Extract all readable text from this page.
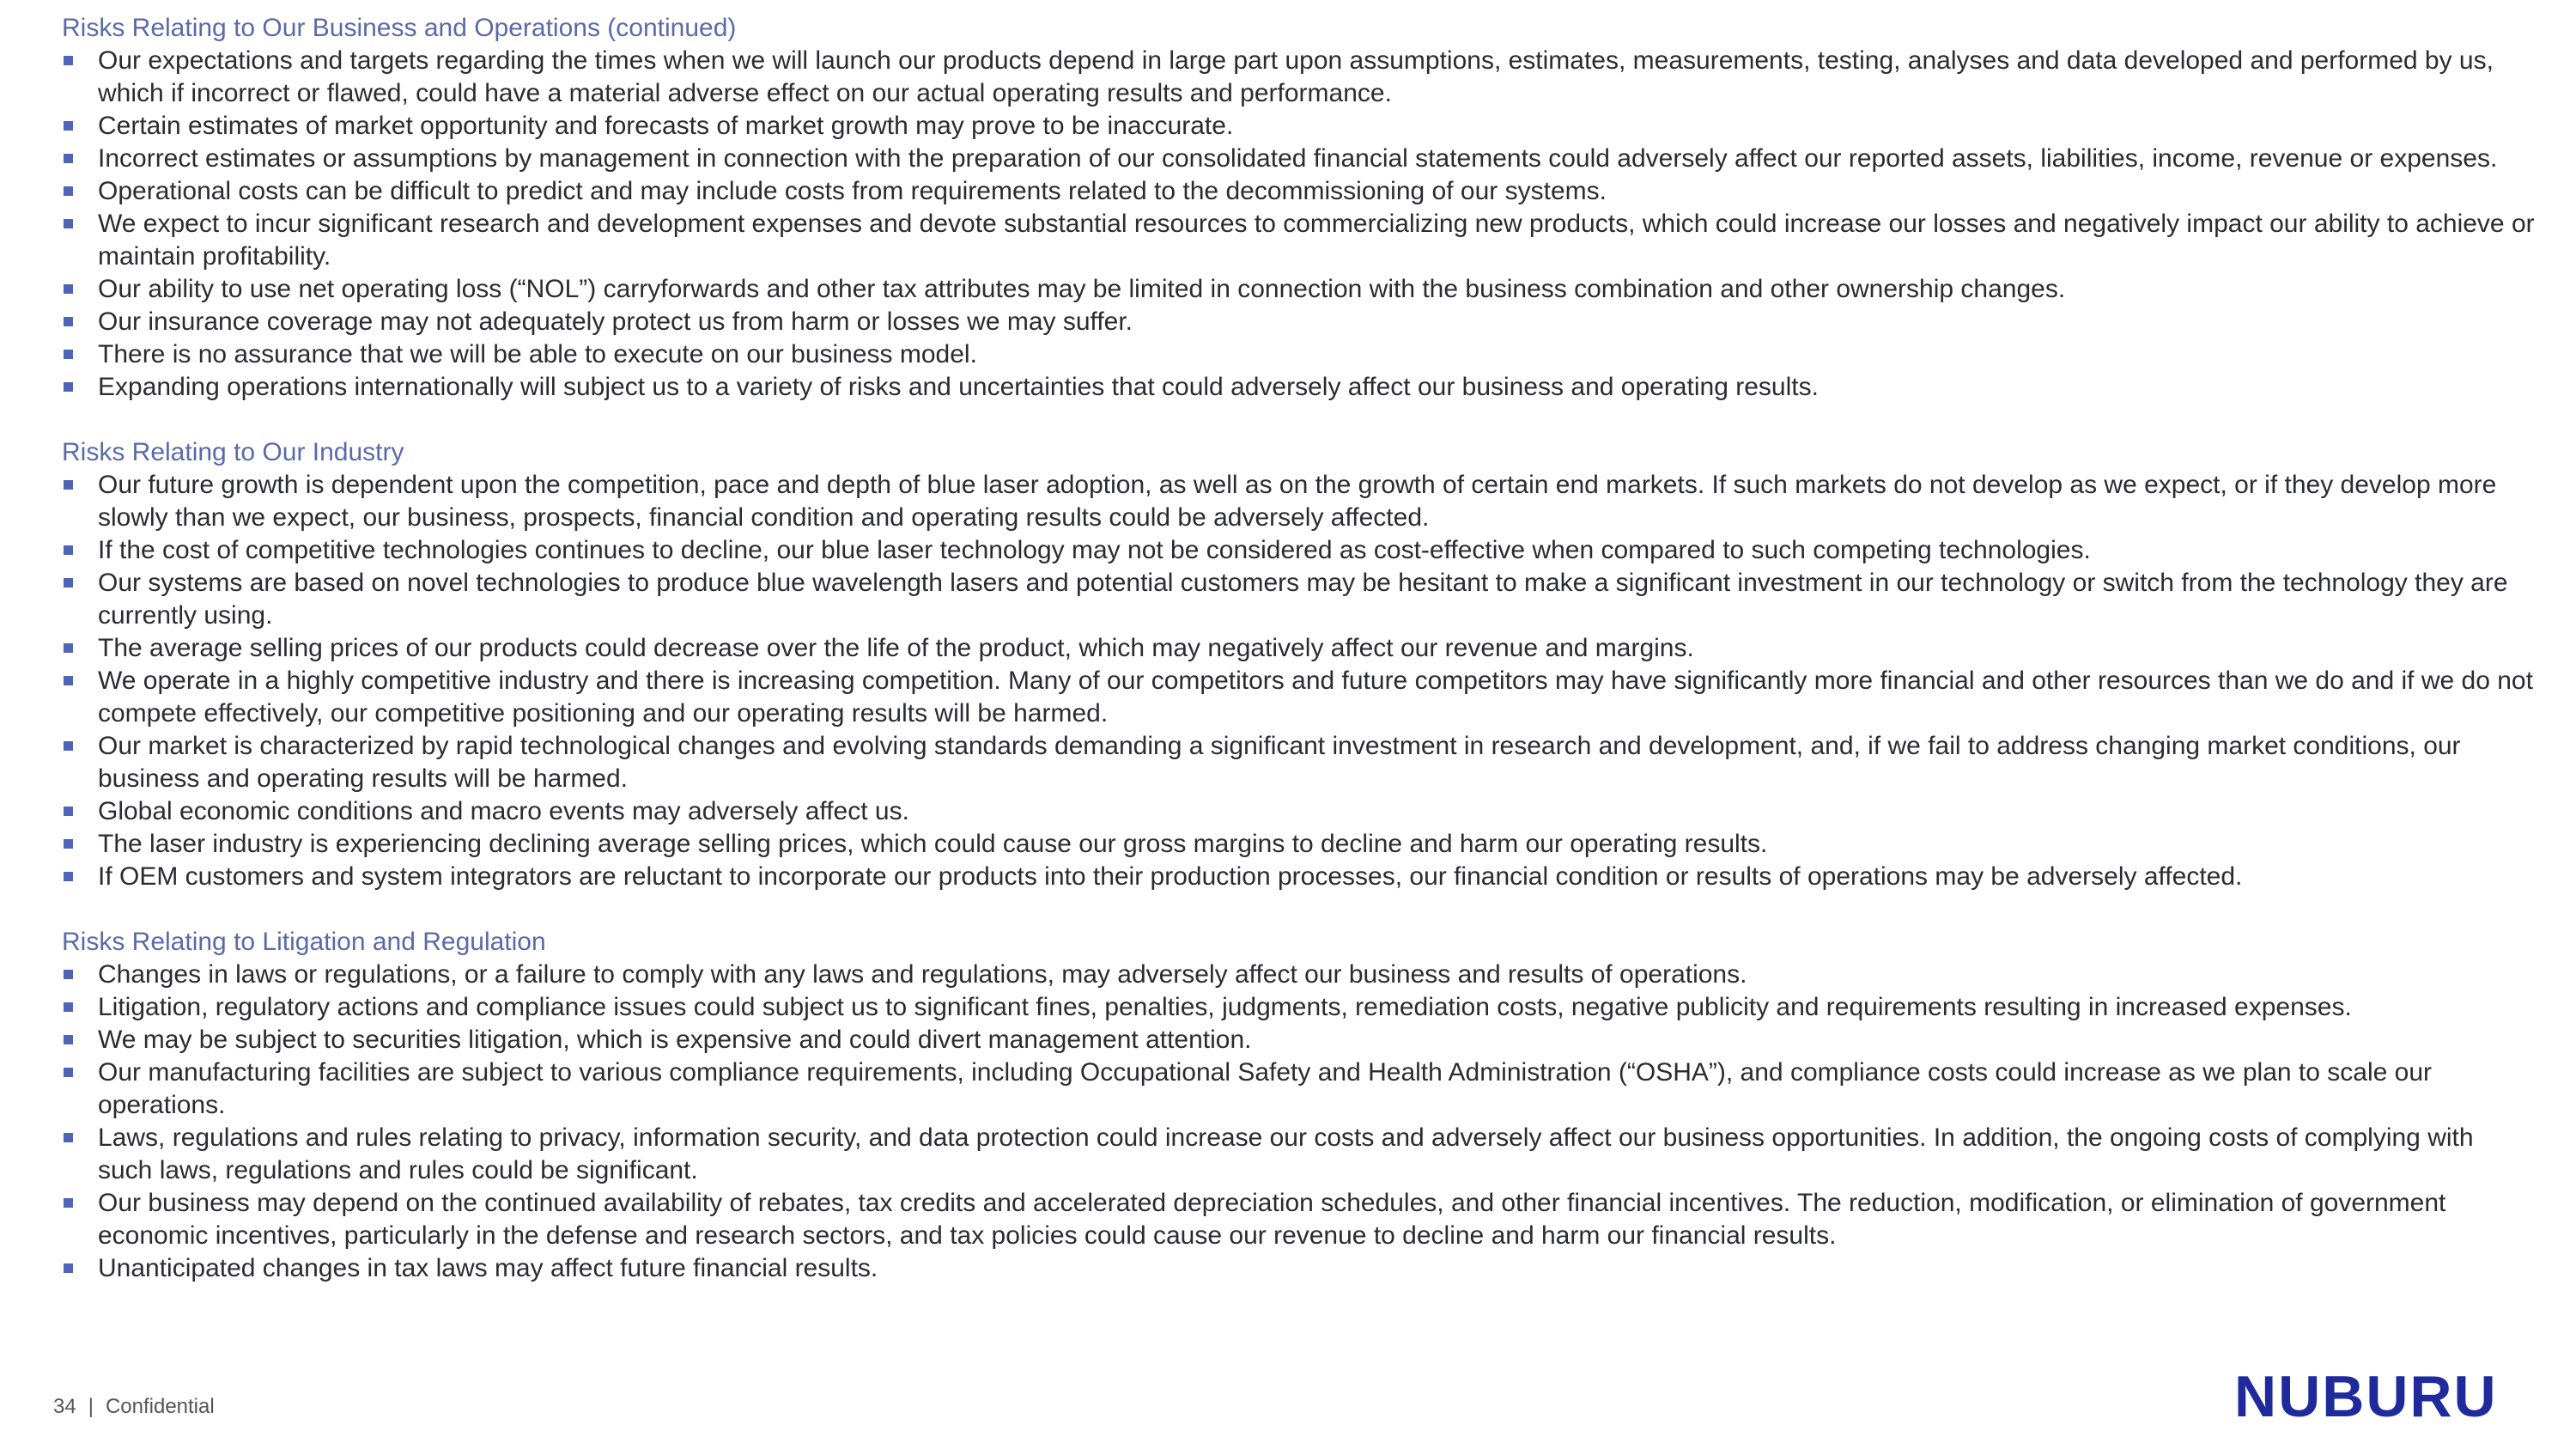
Risks Relating to Our Business and Operations (continued)
Our expectations and targets regarding the times when we will launch our products depend in large part upon assumptions, estimates, measurements, testing, analyses and data developed and performed by us, which if incorrect or flawed, could have a material adverse effect on our actual operating results and performance.
Certain estimates of market opportunity and forecasts of market growth may prove to be inaccurate.
Incorrect estimates or assumptions by management in connection with the preparation of our consolidated financial statements could adversely affect our reported assets, liabilities, income, revenue or expenses.
Operational costs can be difficult to predict and may include costs from requirements related to the decommissioning of our systems.
We expect to incur significant research and development expenses and devote substantial resources to commercializing new products, which could increase our losses and negatively impact our ability to achieve or maintain profitability.
Our ability to use net operating loss (“NOL”) carryforwards and other tax attributes may be limited in connection with the business combination and other ownership changes.
Our insurance coverage may not adequately protect us from harm or losses we may suffer.
There is no assurance that we will be able to execute on our business model.
Expanding operations internationally will subject us to a variety of risks and uncertainties that could adversely affect our business and operating results.
Risks Relating to Our Industry
Our future growth is dependent upon the competition, pace and depth of blue laser adoption, as well as on the growth of certain end markets. If such markets do not develop as we expect, or if they develop more slowly than we expect, our business, prospects, financial condition and operating results could be adversely affected.
If the cost of competitive technologies continues to decline, our blue laser technology may not be considered as cost-effective when compared to such competing technologies.
Our systems are based on novel technologies to produce blue wavelength lasers and potential customers may be hesitant to make a significant investment in our technology or switch from the technology they are currently using.
The average selling prices of our products could decrease over the life of the product, which may negatively affect our revenue and margins.
We operate in a highly competitive industry and there is increasing competition. Many of our competitors and future competitors may have significantly more financial and other resources than we do and if we do not compete effectively, our competitive positioning and our operating results will be harmed.
Our market is characterized by rapid technological changes and evolving standards demanding a significant investment in research and development, and, if we fail to address changing market conditions, our business and operating results will be harmed.
Global economic conditions and macro events may adversely affect us.
The laser industry is experiencing declining average selling prices, which could cause our gross margins to decline and harm our operating results.
If OEM customers and system integrators are reluctant to incorporate our products into their production processes, our financial condition or results of operations may be adversely affected.
Risks Relating to Litigation and Regulation
Changes in laws or regulations, or a failure to comply with any laws and regulations, may adversely affect our business and results of operations.
Litigation, regulatory actions and compliance issues could subject us to significant fines, penalties, judgments, remediation costs, negative publicity and requirements resulting in increased expenses.
We may be subject to securities litigation, which is expensive and could divert management attention.
Our manufacturing facilities are subject to various compliance requirements, including Occupational Safety and Health Administration (“OSHA”), and compliance costs could increase as we plan to scale our operations.
Laws, regulations and rules relating to privacy, information security, and data protection could increase our costs and adversely affect our business opportunities. In addition, the ongoing costs of complying with such laws, regulations and rules could be significant.
Our business may depend on the continued availability of rebates, tax credits and accelerated depreciation schedules, and other financial incentives. The reduction, modification, or elimination of government economic incentives, particularly in the defense and research sectors, and tax policies could cause our revenue to decline and harm our financial results.
Unanticipated changes in tax laws may affect future financial results.
34 | Confidential	NUBURU
